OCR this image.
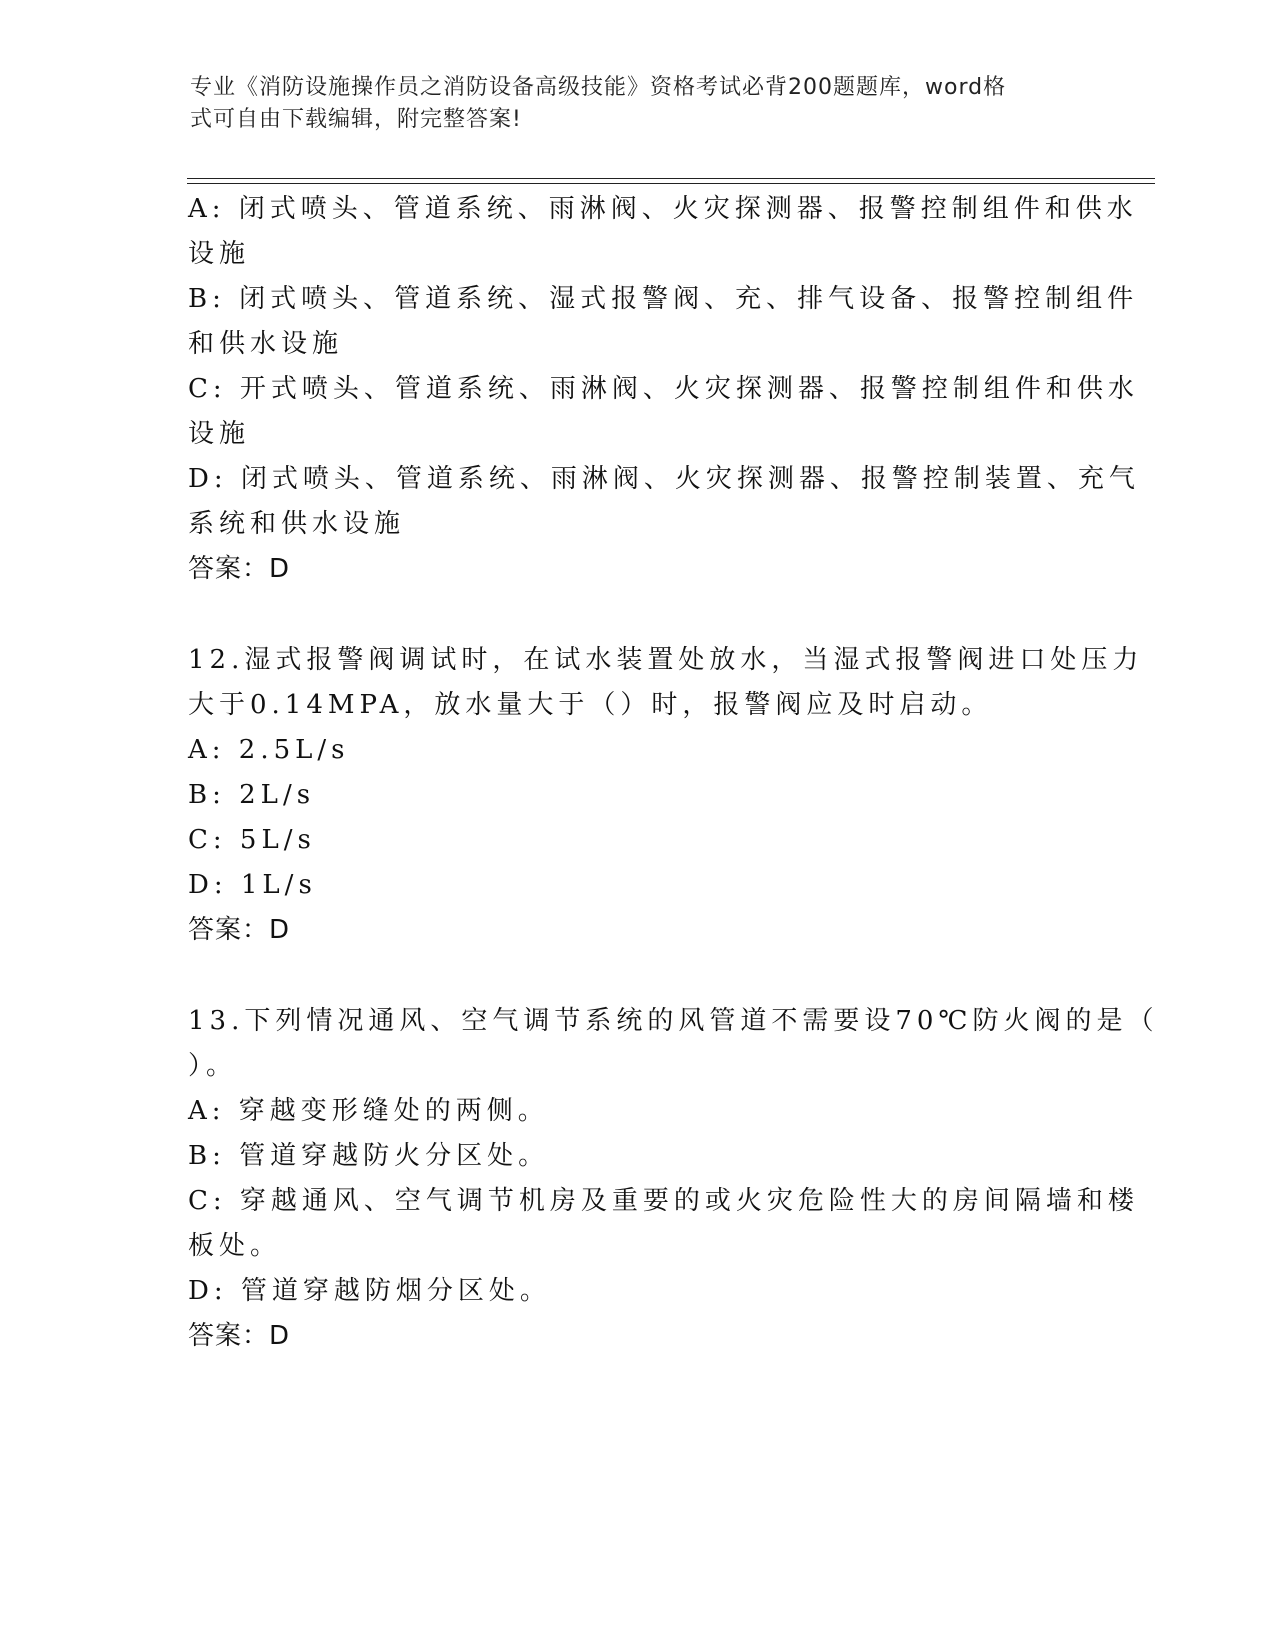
专业《消防设施操作员之消防设备高级技能》资格考试必背200题题库，word格
式可自由下载编辑，附完整答案!
A: 闭式喷头、管道系统、雨淋阀、火灾探测器、报警控制组件和供水
设施
B: 闭式喷头、管道系统、湿式报警阀、充、排气设备、报警控制组件
和供水设施
C: 开式喷头、管道系统、雨淋阀、火灾探测器、报警控制组件和供水
设施
D: 闭式喷头、管道系统、雨淋阀、火灾探测器、报警控制装置、充气
系统和供水设施
答案：D
12.湿式报警阀调试时，在试水装置处放水，当湿式报警阀进口处压力
大于0.14MPA，放水量大于（）时，报警阀应及时启动。
A: 2.5L/s
B: 2L/s
C: 5L/s
D: 1L/s
答案：D
13.下列情况通风、空气调节系统的风管道不需要设70℃防火阀的是（
）。
A: 穿越变形缝处的两侧。
B: 管道穿越防火分区处。
C: 穿越通风、空气调节机房及重要的或火灾危险性大的房间隔墙和楼
板处。
D: 管道穿越防烟分区处。
答案：D
